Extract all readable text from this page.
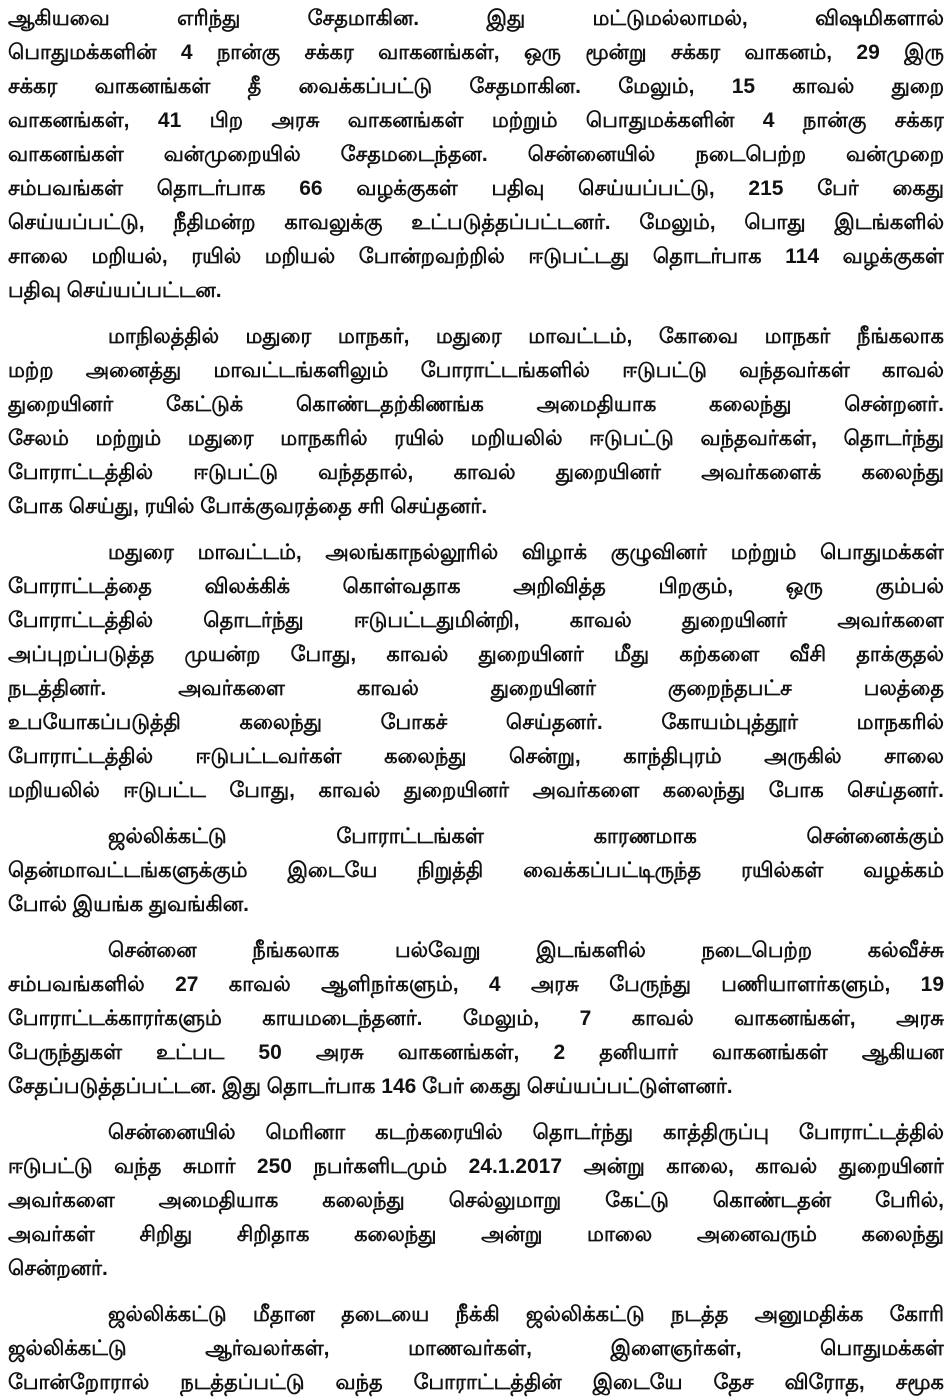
ஆகியவை எரிந்து சேதமாகின. இது மட்டுமல்லாமல், விஷமிகளால்
பொதுமக்களின் 4 நான்கு சக்கர வாகனங்கள், ஒரு மூன்று சக்கர வாகனம், 29 இரு
சக்கர வாகனங்கள் தீ வைக்கப்பட்டு சேதமாகின. மேலும், 15 காவல் துறை
வாகனங்கள், 41 பிற அரசு வாகனங்கள் மற்றும் பொதுமக்களின் 4 நான்கு சக்கர
வாகனங்கள் வன்முறையில் சேதமடைந்தன. சென்னையில் நடைபெற்ற வன்முறை
சம்பவங்கள் தொடர்பாக 66 வழக்குகள் பதிவு செய்யப்பட்டு, 215 பேர் கைது
செய்யப்பட்டு, நீதிமன்ற காவலுக்கு உட்படுத்தப்பட்டனர். மேலும், பொது இடங்களில்
சாலை மறியல், ரயில் மறியல் போன்றவற்றில் ஈடுபட்டது தொடர்பாக 114 வழக்குகள்
பதிவு செய்யப்பட்டன.
மாநிலத்தில் மதுரை மாநகர், மதுரை மாவட்டம், கோவை மாநகர் நீங்கலாக
மற்ற அனைத்து மாவட்டங்களிலும் போராட்டங்களில் ஈடுபட்டு வந்தவர்கள் காவல்
துறையினர் கேட்டுக் கொண்டதற்கிணங்க அமைதியாக கலைந்து சென்றனர்.
சேலம் மற்றும் மதுரை மாநகரில் ரயில் மறியலில் ஈடுபட்டு வந்தவர்கள், தொடர்ந்து
போராட்டத்தில் ஈடுபட்டு வந்ததால், காவல் துறையினர் அவர்களைக் கலைந்து
போக செய்து, ரயில் போக்குவரத்தை சரி செய்தனர்.
மதுரை மாவட்டம், அலங்காநல்லூரில் விழாக் குழுவினர் மற்றும் பொதுமக்கள்
போராட்டத்தை விலக்கிக் கொள்வதாக அறிவித்த பிறகும், ஒரு கும்பல்
போராட்டத்தில் தொடர்ந்து ஈடுபட்டதுமின்றி, காவல் துறையினர் அவர்களை
அப்புறப்படுத்த முயன்ற போது, காவல் துறையினர் மீது கற்களை வீசி தாக்குதல்
நடத்தினர். அவர்களை காவல் துறையினர் குறைந்தபட்ச பலத்தை
உபயோகப்படுத்தி கலைந்து போகச் செய்தனர். கோயம்புத்தூர் மாநகரில்
போராட்டத்தில் ஈடுபட்டவர்கள் கலைந்து சென்று, காந்திபுரம் அருகில் சாலை
மறியலில் ஈடுபட்ட போது, காவல் துறையினர் அவர்களை கலைந்து போக செய்தனர்.
ஜல்லிக்கட்டு போராட்டங்கள் காரணமாக சென்னைக்கும்
தென்மாவட்டங்களுக்கும் இடையே நிறுத்தி வைக்கப்பட்டிருந்த ரயில்கள் வழக்கம்
போல் இயங்க துவங்கின.
சென்னை நீங்கலாக பல்வேறு இடங்களில் நடைபெற்ற கல்வீச்சு
சம்பவங்களில் 27 காவல் ஆளிநர்களும், 4 அரசு பேருந்து பணியாளர்களும், 19
போராட்டக்காரர்களும் காயமடைந்தனர். மேலும், 7 காவல் வாகனங்கள், அரசு
பேருந்துகள் உட்பட 50 அரசு வாகனங்கள், 2 தனியார் வாகனங்கள் ஆகியன
சேதப்படுத்தப்பட்டன. இது தொடர்பாக 146 பேர் கைது செய்யப்பட்டுள்ளனர்.
சென்னையில் மெரினா கடற்கரையில் தொடர்ந்து காத்திருப்பு போராட்டத்தில்
ஈடுபட்டு வந்த சுமார் 250 நபர்களிடமும் 24.1.2017 அன்று காலை, காவல் துறையினர்
அவர்களை அமைதியாக கலைந்து செல்லுமாறு கேட்டு கொண்டதன் பேரில்,
அவர்கள் சிறிது சிறிதாக கலைந்து அன்று மாலை அனைவரும் கலைந்து
சென்றனர்.
ஜல்லிக்கட்டு மீதான தடையை நீக்கி ஜல்லிக்கட்டு நடத்த அனுமதிக்க கோரி
ஜல்லிக்கட்டு ஆர்வலர்கள், மாணவர்கள், இளைஞர்கள், பொதுமக்கள்
போன்றோரால் நடத்தப்பட்டு வந்த போராட்டத்தின் இடையே தேச விரோத, சமூக
